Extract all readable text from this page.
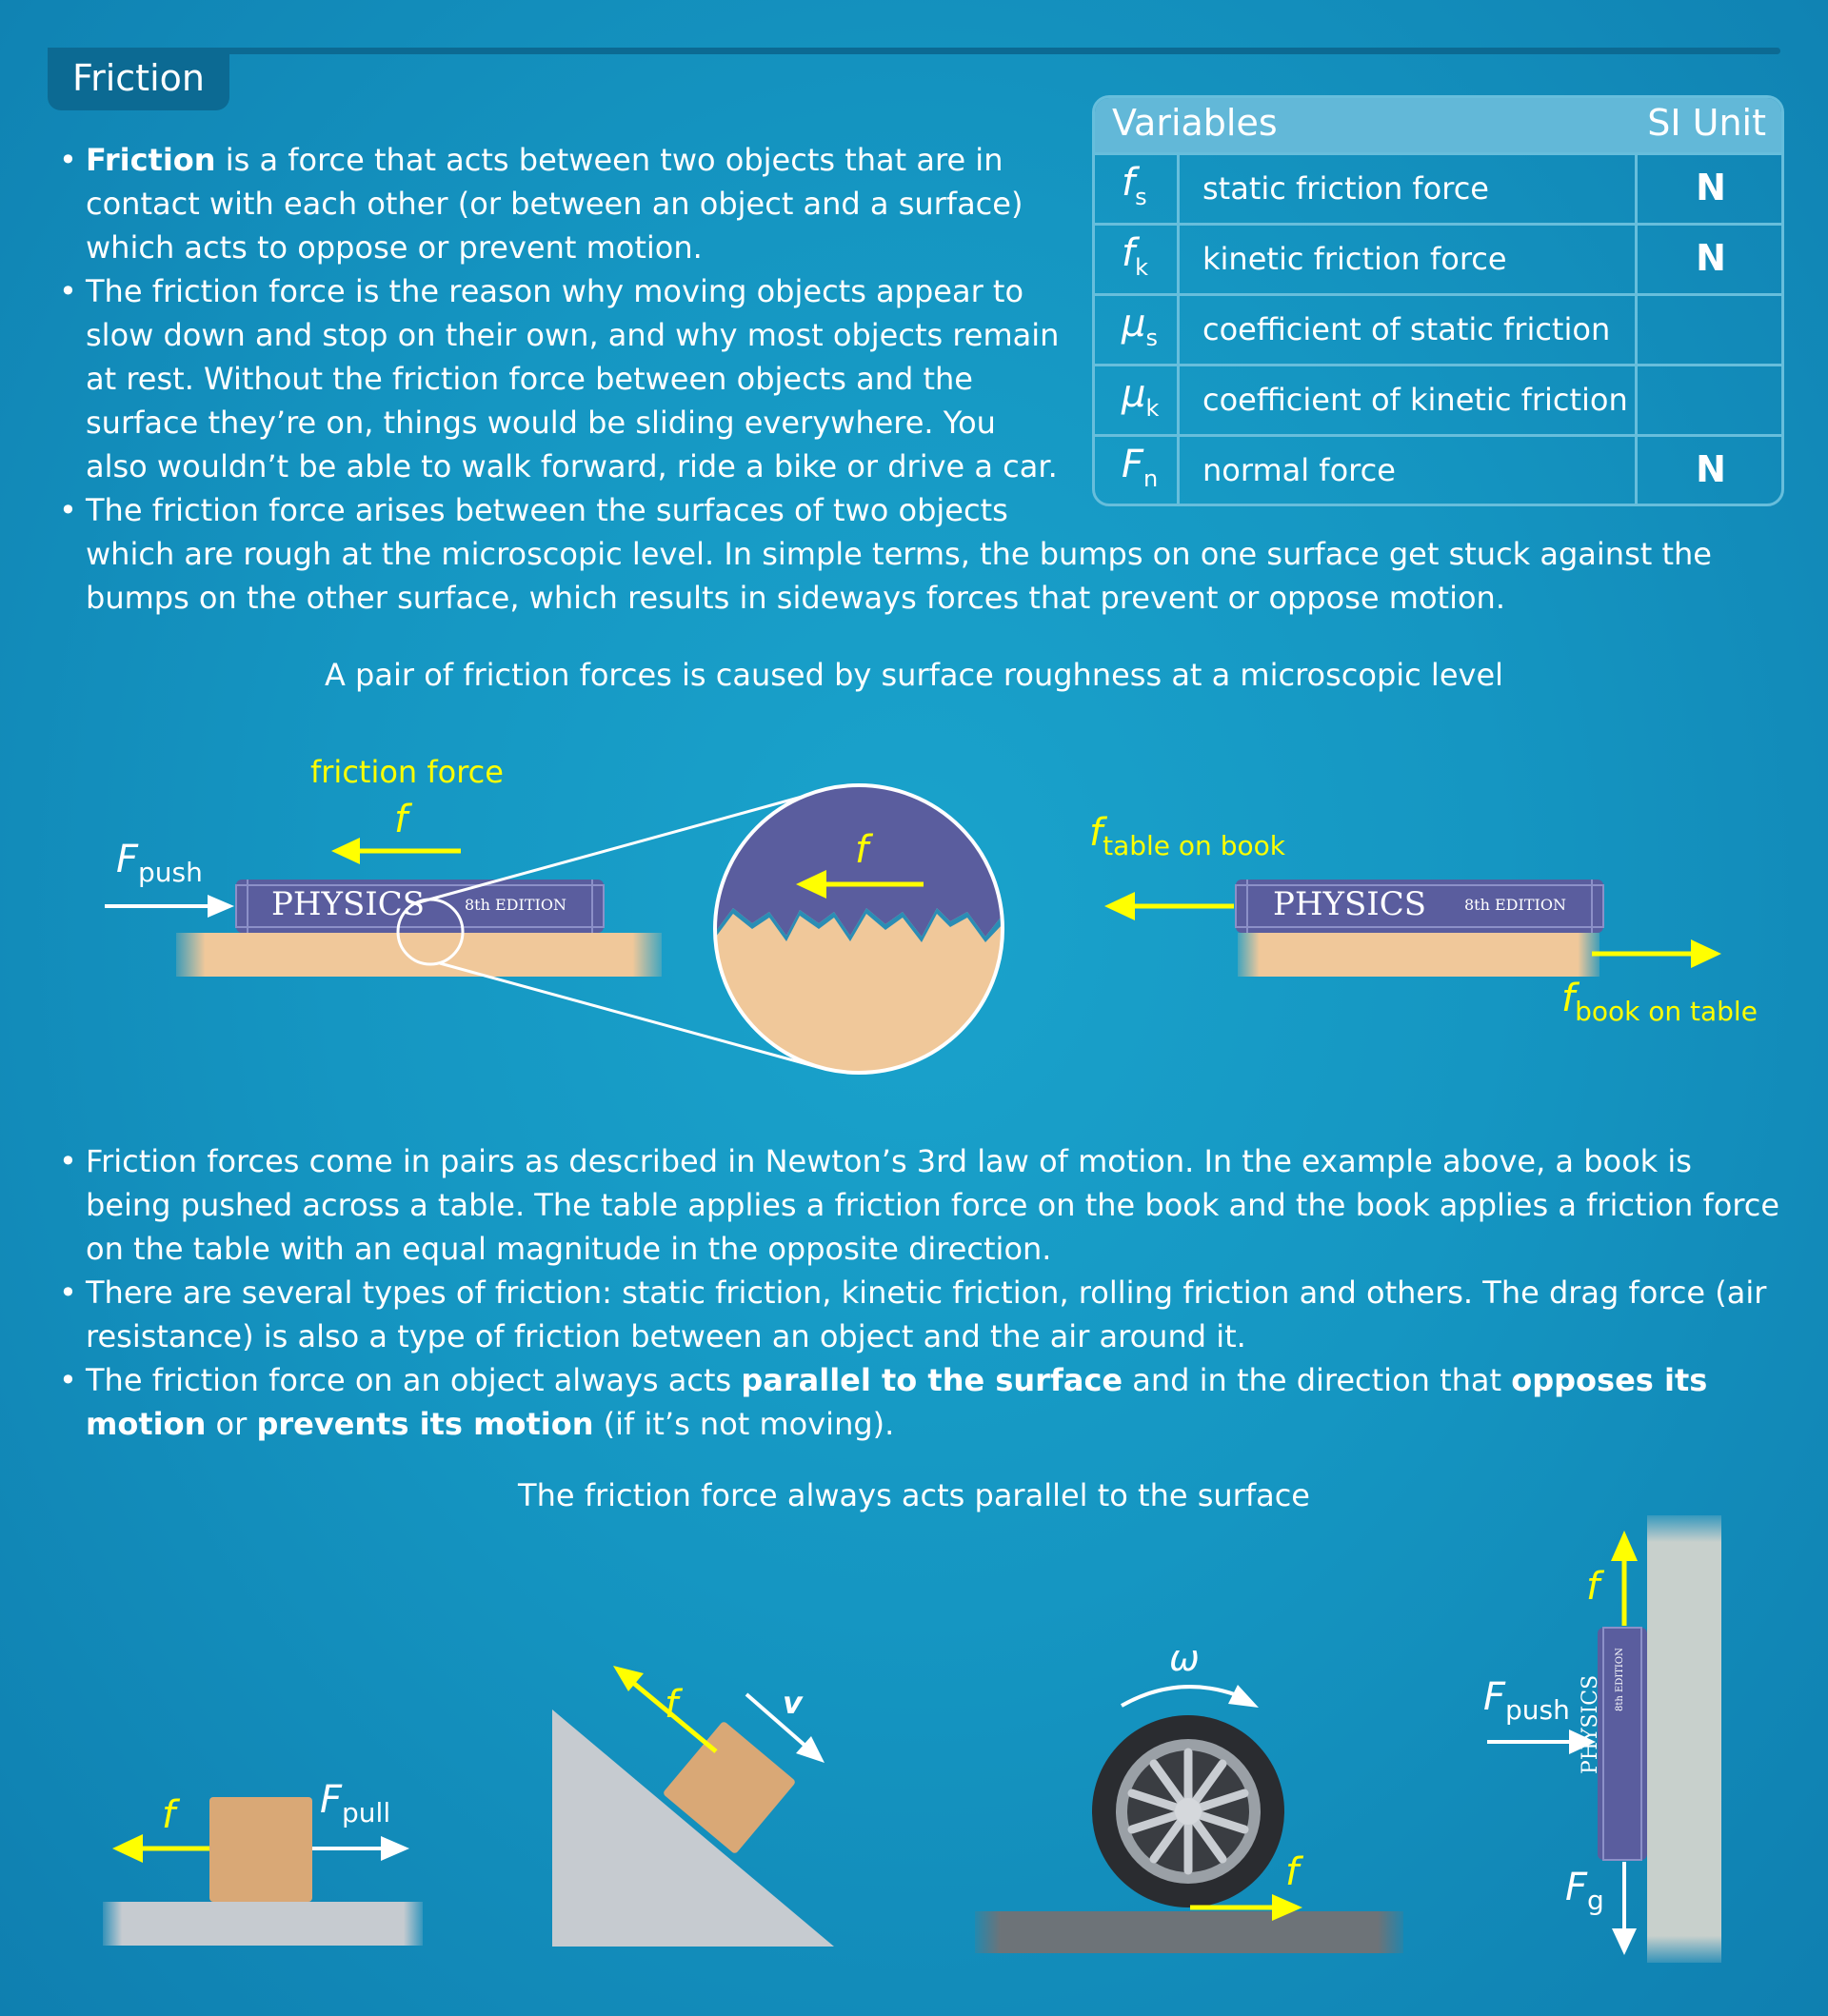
Friction

• Friction is a force that acts between two objects that are in contact with each other (or between an object and a surface) which acts to oppose or prevent motion.

• The friction force is the reason why moving objects appear to slow down and stop on their own, and why most objects remain at rest. Without the friction force between objects and the surface they’re on, things would be sliding everywhere. You also wouldn’t be able to walk forward, ride a bike or drive a car.

• The friction force arises between the surfaces of two objects
which are rough at the microscopic level. In simple terms, the bumps on one surface get stuck against the bumps on the other surface, which results in sideways forces that prevent or oppose motion.

Variables	SI Unit
$f_s$ static friction force	N
$f_k$ kinetic friction force	N
$\mu_s$ coefficient of static friction
$\mu_k$ coefficient of kinetic friction
$F_n$ normal force	N
A pair of friction forces is caused by surface roughness at a microscopic level
friction force
f
$F_{push}$
PHYSICS	8th EDITION
f	$f_{table on book}$
PHYSICS 8th EDITION
$f_{book on table}$

• Friction forces come in pairs as described in Newton’s 3rd law of motion. In the example above, a book is being pushed across a table. The table applies a friction force on the book and the book applies a friction force on the table with an equal magnitude in the opposite direction.

• There are several types of friction: static friction, kinetic friction, rolling friction and others. The drag force (air resistance) is also a type of friction between an object and the air around it.

• The friction force on an object always acts parallel to the surface and in the direction that opposes its motion or prevents its motion (if it’s not moving).

The friction force always acts parallel to the surface
f	$F_{pull}$
f	v
ω
f
f
$F_{push}$
$F_g$
PHYSICS 8th EDITION
